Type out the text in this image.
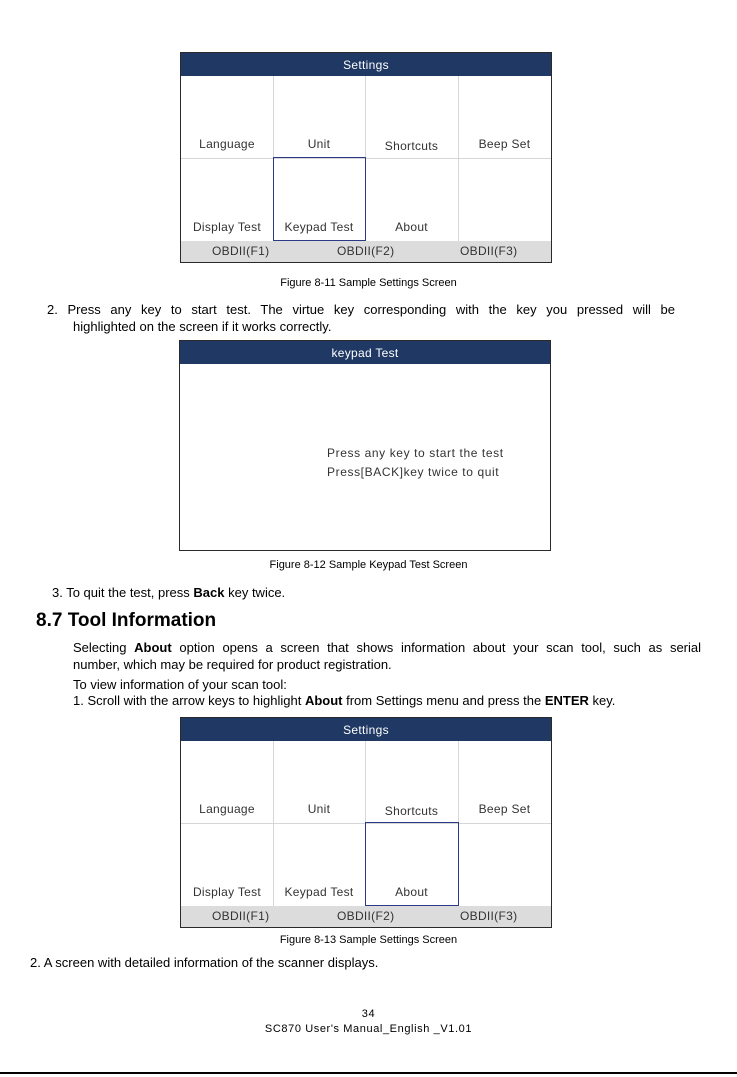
Settings
Language	Unit	Shortcuts	Beep Set
Display Test	Keypad Test	About
OBDII(F1)	OBDII(F2)	OBDII(F3)
Figure 8-11 Sample Settings Screen
2. Press any key to start test. The virtue key corresponding with the key you pressed will be
highlighted on the screen if it works correctly.
keypad Test
Press any key to start the test
Press[BACK]key twice to quit
Figure 8-12 Sample Keypad Test Screen
3. To quit the test, press Back key twice.
8.7 Tool Information
Selecting About option opens a screen that shows information about your scan tool, such as serial
number, which may be required for product registration.
To view information of your scan tool:
1. Scroll with the arrow keys to highlight About from Settings menu and press the ENTER key.
Settings
Language	Unit	Shortcuts	Beep Set
Display Test	Keypad Test	About
OBDII(F1)	OBDII(F2)	OBDII(F3)
Figure 8-13 Sample Settings Screen
2. A screen with detailed information of the scanner displays.
34
SC870 User's Manual_English _V1.01
